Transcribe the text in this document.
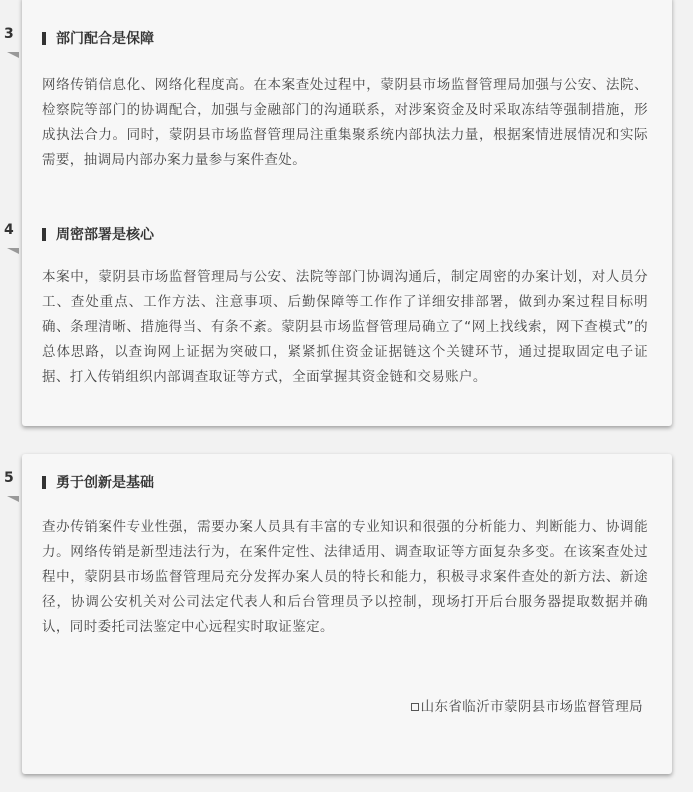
3	部门配合是保障
网络传销信息化、网络化程度高。在本案查处过程中，蒙阴县市场监督管理局加强与公安、法院、检察院等部门的协调配合，加强与金融部门的沟通联系，对涉案资金及时采取冻结等强制措施，形成执法合力。同时，蒙阴县市场监督管理局注重集聚系统内部执法力量，根据案情进展情况和实际需要，抽调局内部办案力量参与案件查处。
4	周密部署是核心
本案中，蒙阴县市场监督管理局与公安、法院等部门协调沟通后，制定周密的办案计划，对人员分工、查处重点、工作方法、注意事项、后勤保障等工作作了详细安排部署，做到办案过程目标明确、条理清晰、措施得当、有条不紊。蒙阴县市场监督管理局确立了“网上找线索，网下查模式”的总体思路，以查询网上证据为突破口，紧紧抓住资金证据链这个关键环节，通过提取固定电子证据、打入传销组织内部调查取证等方式，全面掌握其资金链和交易账户。
5	勇于创新是基础
查办传销案件专业性强，需要办案人员具有丰富的专业知识和很强的分析能力、判断能力、协调能力。网络传销是新型违法行为，在案件定性、法律适用、调查取证等方面复杂多变。在该案查处过程中，蒙阴县市场监督管理局充分发挥办案人员的特长和能力，积极寻求案件查处的新方法、新途径，协调公安机关对公司法定代表人和后台管理员予以控制，现场打开后台服务器提取数据并确认，同时委托司法鉴定中心远程实时取证鉴定。
山东省临沂市蒙阴县市场监督管理局
